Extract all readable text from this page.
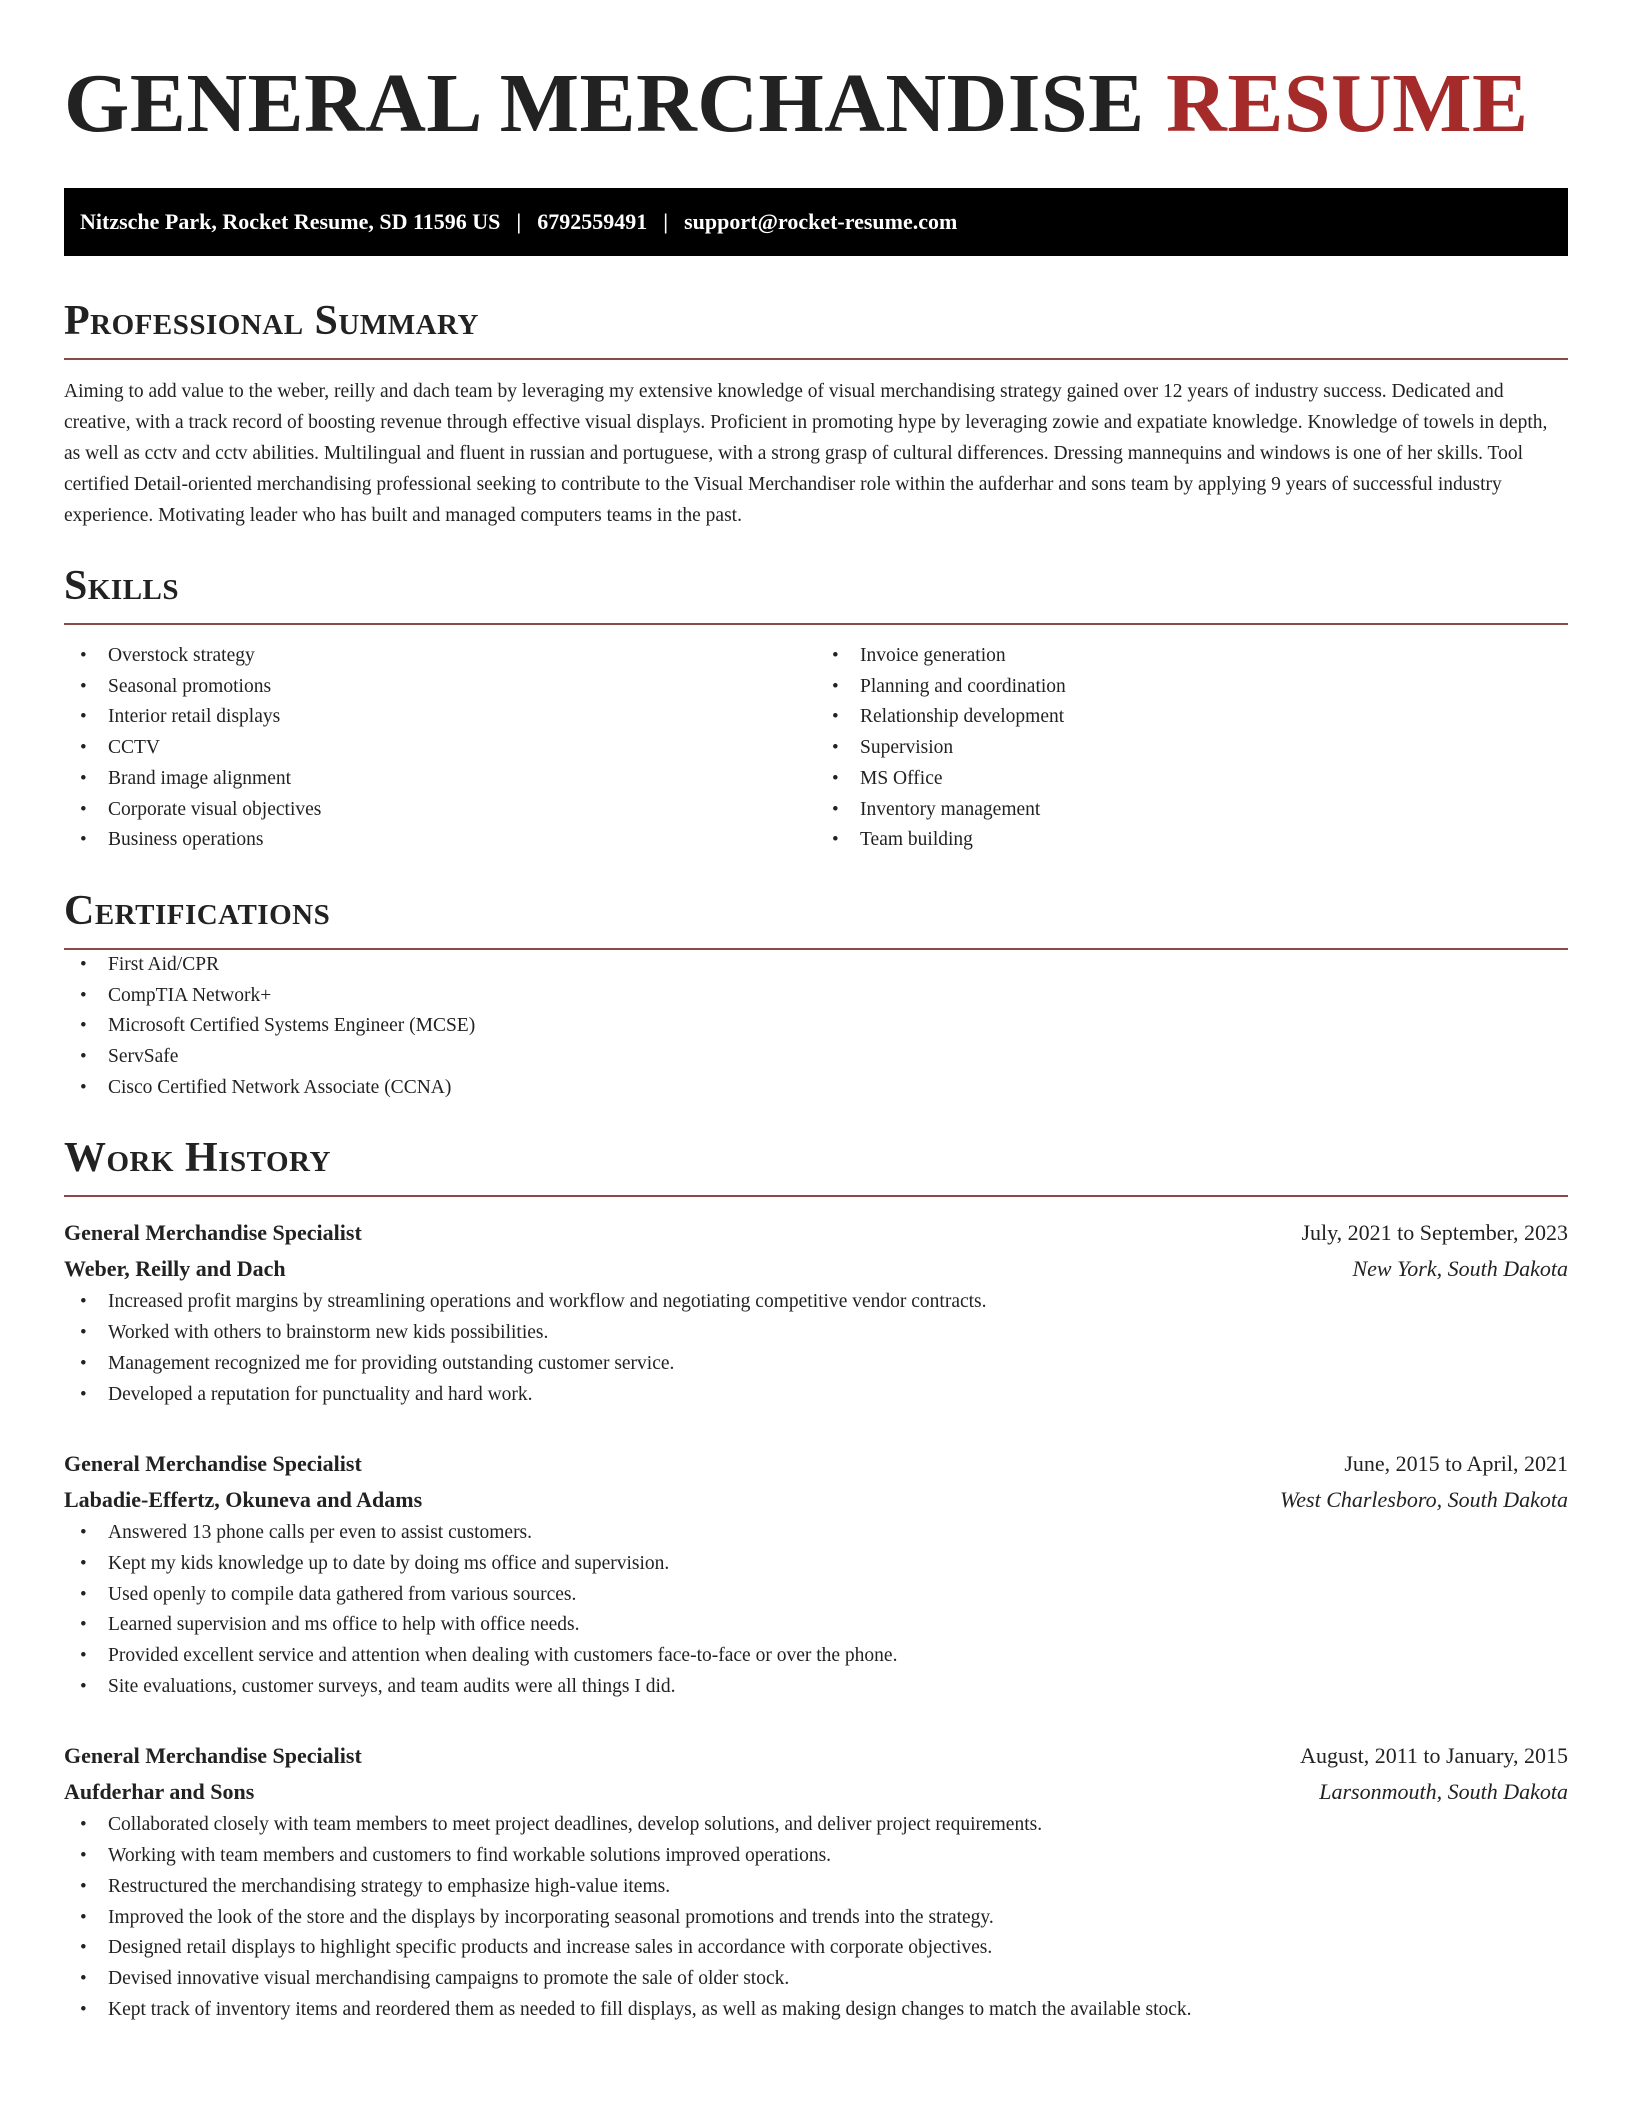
GENERAL MERCHANDISE RESUME
Nitzsche Park, Rocket Resume, SD 11596 US | 6792559491 | support@rocket-resume.com
Professional Summary

Aiming to add value to the weber, reilly and dach team by leveraging my extensive knowledge of visual merchandising strategy gained over 12 years of industry success. Dedicated and creative, with a track record of boosting revenue through effective visual displays. Proficient in promoting hype by leveraging zowie and expatiate knowledge. Knowledge of towels in depth, as well as cctv and cctv abilities. Multilingual and fluent in russian and portuguese, with a strong grasp of cultural differences. Dressing mannequins and windows is one of her skills. Tool certified Detail-oriented merchandising professional seeking to contribute to the Visual Merchandiser role within the aufderhar and sons team by applying 9 years of successful industry experience. Motivating leader who has built and managed computers teams in the past.

Skills
• Overstock strategy
• Seasonal promotions
• Interior retail displays
• CCTV
• Brand image alignment
• Corporate visual objectives
• Business operations
• Invoice generation
• Planning and coordination
• Relationship development
• Supervision
• MS Office
• Inventory management
• Team building
Certifications
• First Aid/CPR
• CompTIA Network+
• Microsoft Certified Systems Engineer (MCSE)
• ServSafe
• Cisco Certified Network Associate (CCNA)
Work History
General Merchandise Specialist	July, 2021 to September, 2023
Weber, Reilly and Dach	New York, South Dakota
• Increased profit margins by streamlining operations and workflow and negotiating competitive vendor contracts.
• Worked with others to brainstorm new kids possibilities.
• Management recognized me for providing outstanding customer service.
• Developed a reputation for punctuality and hard work.
General Merchandise Specialist	June, 2015 to April, 2021
Labadie-Effertz, Okuneva and Adams	West Charlesboro, South Dakota
• Answered 13 phone calls per even to assist customers.
• Kept my kids knowledge up to date by doing ms office and supervision.
• Used openly to compile data gathered from various sources.
• Learned supervision and ms office to help with office needs.
• Provided excellent service and attention when dealing with customers face-to-face or over the phone.
• Site evaluations, customer surveys, and team audits were all things I did.
General Merchandise Specialist	August, 2011 to January, 2015
Aufderhar and Sons	Larsonmouth, South Dakota
• Collaborated closely with team members to meet project deadlines, develop solutions, and deliver project requirements.
• Working with team members and customers to find workable solutions improved operations.
• Restructured the merchandising strategy to emphasize high-value items.
• Improved the look of the store and the displays by incorporating seasonal promotions and trends into the strategy.
• Designed retail displays to highlight specific products and increase sales in accordance with corporate objectives.
• Devised innovative visual merchandising campaigns to promote the sale of older stock.
• Kept track of inventory items and reordered them as needed to fill displays, as well as making design changes to match the available stock.
